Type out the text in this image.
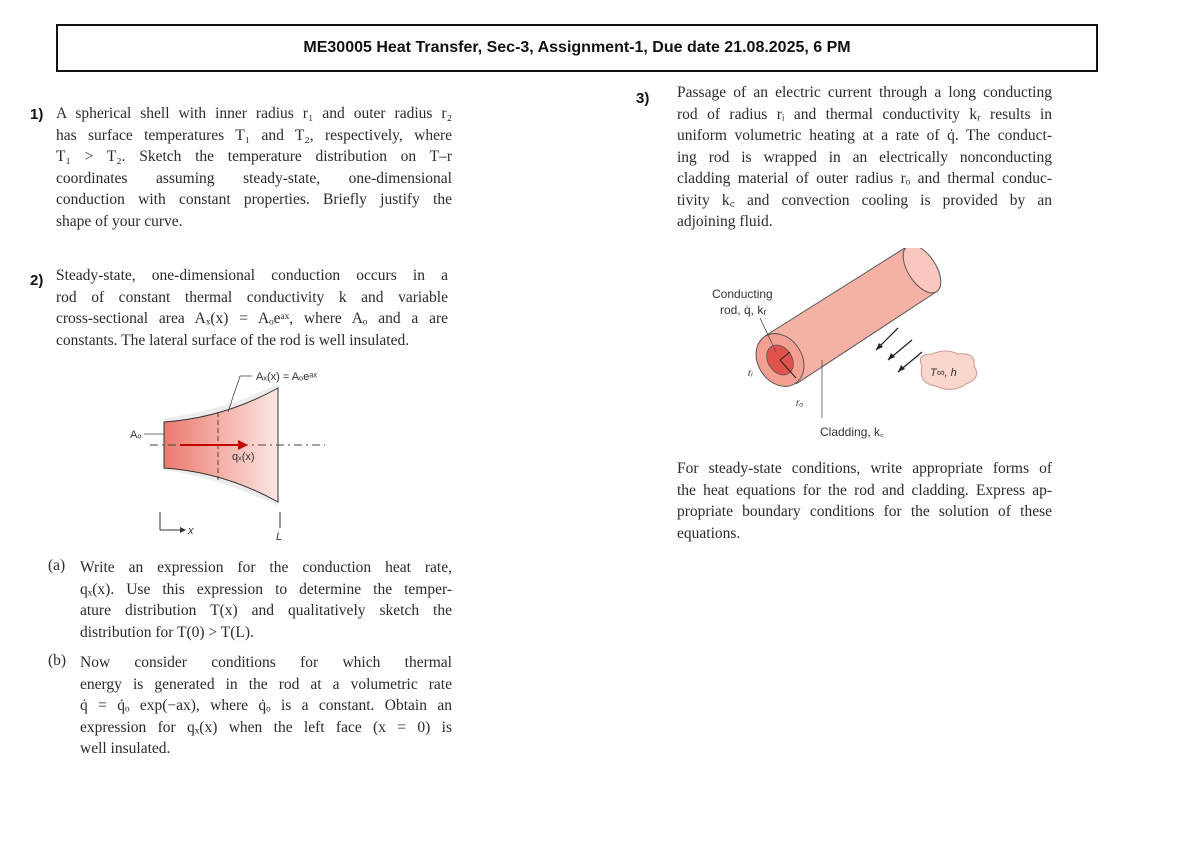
ME30005 Heat Transfer, Sec-3, Assignment-1, Due date 21.08.2025, 6 PM
1) A spherical shell with inner radius r₁ and outer radius r₂
has surface temperatures T₁ and T₂, respectively, where
T₁ > T₂. Sketch the temperature distribution on T–r
coordinates assuming steady-state, one-dimensional
conduction with constant properties. Briefly justify the
shape of your curve.
2) Steady-state, one-dimensional conduction occurs in a
rod of constant thermal conductivity k and variable
cross-sectional area Aₓ(x) = Aₒeᵃˣ, where Aₒ and a are
constants. The lateral surface of the rod is well insulated.
Aₓ(x) = Aₒeᵃˣ
Aₒ
qₓ(x)
x	L
(a) Write an expression for the conduction heat rate,
qₓ(x). Use this expression to determine the temper-
ature distribution T(x) and qualitatively sketch the
distribution for T(0) > T(L).
(b) Now consider conditions for which thermal
energy is generated in the rod at a volumetric rate
q̇ = q̇ₒ exp(−ax), where q̇ₒ is a constant. Obtain an
expression for qₓ(x) when the left face (x = 0) is
well insulated.
3) Passage of an electric current through a long conducting
rod of radius rᵢ and thermal conductivity kᵣ results in
uniform volumetric heating at a rate of q̇. The conduct-
ing rod is wrapped in an electrically nonconducting
cladding material of outer radius rₒ and thermal conduc-
tivity k꜀ and convection cooling is provided by an
adjoining fluid.
rᵢ
rₒ
Conducting
rod, q̇, kᵣ
Cladding, k꜀
T∞, h
For steady-state conditions, write appropriate forms of
the heat equations for the rod and cladding. Express ap-
propriate boundary conditions for the solution of these
equations.
